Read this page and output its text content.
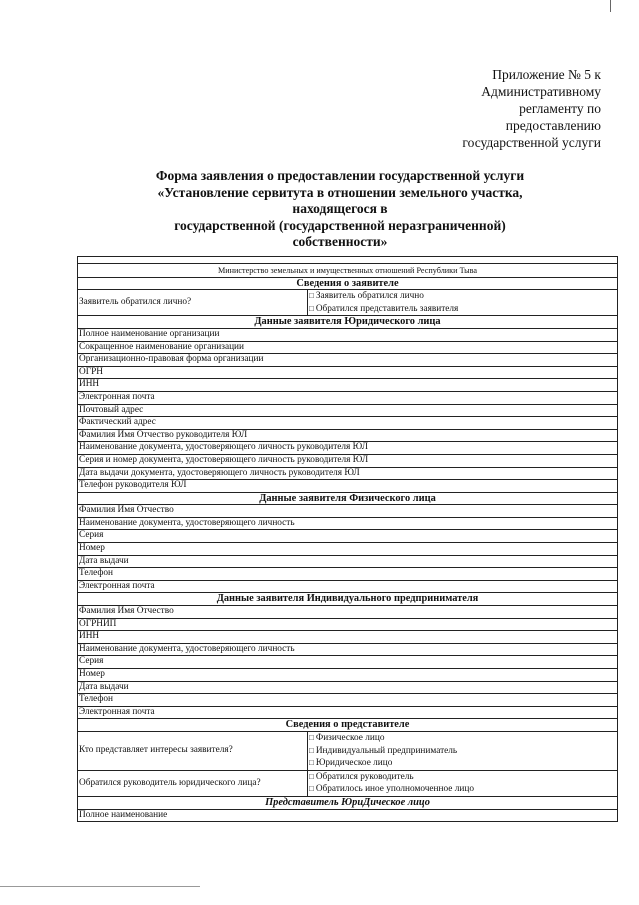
Приложение № 5 к
Административному
регламенту по
предоставлению
государственной услуги
Форма заявления о предоставлении государственной услуги
«Установление сервитута в отношении земельного участка,
находящегося в
государственной (государственной неразграниченной)
собственности»

Министерство земельных и имущественных отношений Республики Тыва	
Сведения о заявителе	
Заявитель обратился лично?	□ Заявитель обратился лично
□ Обратился представитель заявителя

Данные заявителя Юридического лица	
Полное наименование организации	
Сокращенное наименование организации	
Организационно-правовая форма организации	
ОГРН	
ИНН	
Электронная почта	
Почтовый адрес	
Фактический адрес	
Фамилия Имя Отчество руководителя ЮЛ	
Наименование документа, удостоверяющего личность руководителя ЮЛ	
Серия и номер документа, удостоверяющего личность руководителя ЮЛ	
Дата выдачи документа, удостоверяющего личность руководителя ЮЛ	
Телефон руководителя ЮЛ	
Данные заявителя Физического лица	
Фамилия Имя Отчество	
Наименование документа, удостоверяющего личность	
Серия	
Номер	
Дата выдачи	
Телефон	
Электронная почта	
Данные заявителя Индивидуального предпринимателя	
Фамилия Имя Отчество	
ОГРНИП	
ИНН	
Наименование документа, удостоверяющего личность	
Серия	
Номер	
Дата выдачи	
Телефон	
Электронная почта	
Сведения о представителе	
Кто представляет интересы заявителя?	□ Физическое лицо
□ Индивидуальный предприниматель
□ Юридическое лицо

Обратился руководитель юридического лица?	□ Обратился руководитель
□ Обратилось иное уполномоченное лицо

Представитель ЮриДическое лицо	
Полное наименование	
